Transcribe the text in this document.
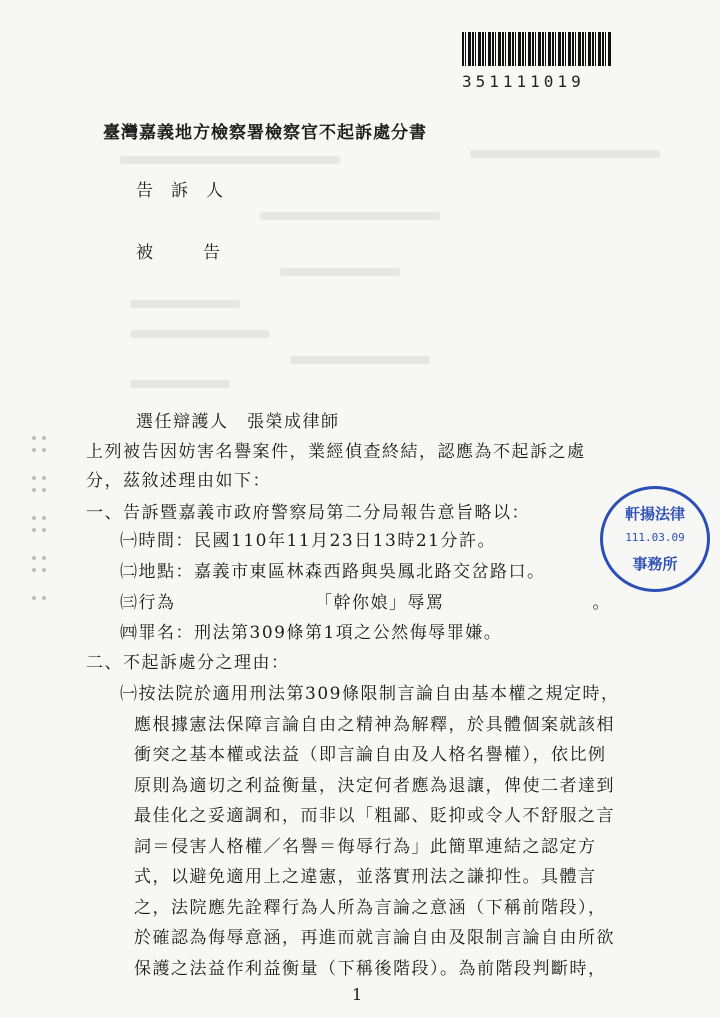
351111019
臺灣嘉義地方檢察署檢察官不起訴處分書
告訴人
被告
選任辯護人　張榮成律師
上列被告因妨害名譽案件，業經偵查終結，認應為不起訴之處
分，茲敘述理由如下：
一、告訴暨嘉義市政府警察局第二分局報告意旨略以：
㈠時間：民國110年11月23日13時21分許。
㈡地點：嘉義市東區林森西路與吳鳳北路交岔路口。
㈢行為　　　　　　　　「幹你娘」辱罵　　　　　　　　。
㈣罪名：刑法第309條第1項之公然侮辱罪嫌。
二、不起訴處分之理由：
㈠按法院於適用刑法第309條限制言論自由基本權之規定時，
應根據憲法保障言論自由之精神為解釋，於具體個案就該相
衝突之基本權或法益（即言論自由及人格名譽權），依比例
原則為適切之利益衡量，決定何者應為退讓，俾使二者達到
最佳化之妥適調和，而非以「粗鄙、貶抑或令人不舒服之言
詞＝侵害人格權／名譽＝侮辱行為」此簡單連結之認定方
式，以避免適用上之違憲，並落實刑法之謙抑性。具體言
之，法院應先詮釋行為人所為言論之意涵（下稱前階段），
於確認為侮辱意涵，再進而就言論自由及限制言論自由所欲
保護之法益作利益衡量（下稱後階段）。為前階段判斷時，
軒揚法律
111.03.09
事務所
1
